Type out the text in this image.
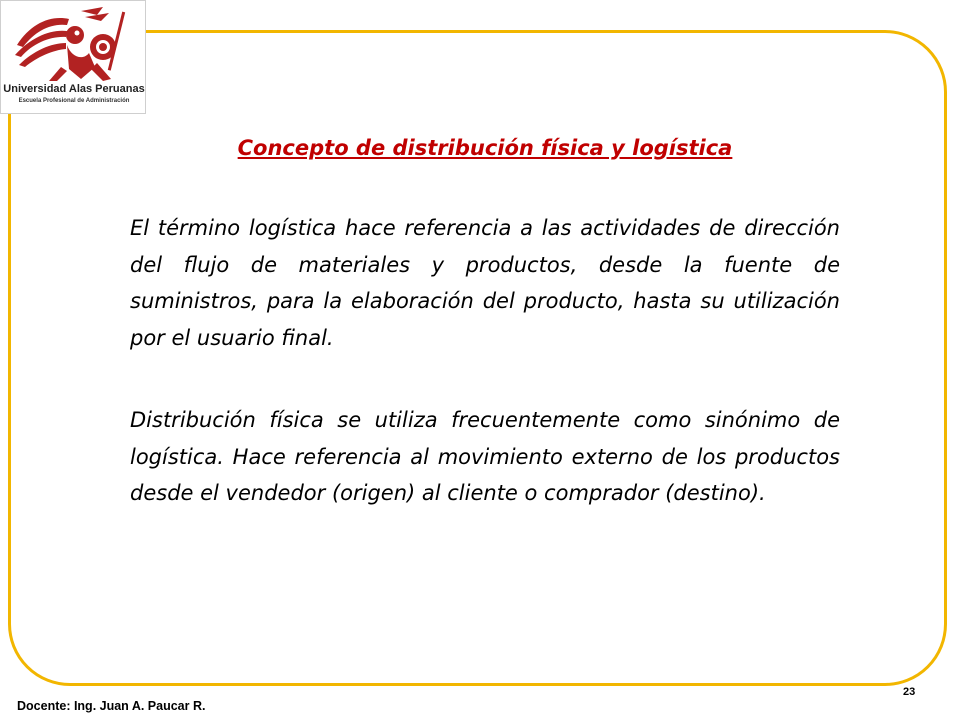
Universidad Alas Peruanas
Escuela Profesional de Administración
Concepto de distribución física y logística

El término logística hace referencia a las actividades de dirección del flujo de materiales y productos, desde la fuente de suministros, para la elaboración del producto, hasta su utilización por el usuario final.

Distribución física se utiliza frecuentemente como sinónimo de logística. Hace referencia al movimiento externo de los productos desde el vendedor (origen) al cliente o comprador (destino).

Docente: Ing. Juan A. Paucar R.
23
